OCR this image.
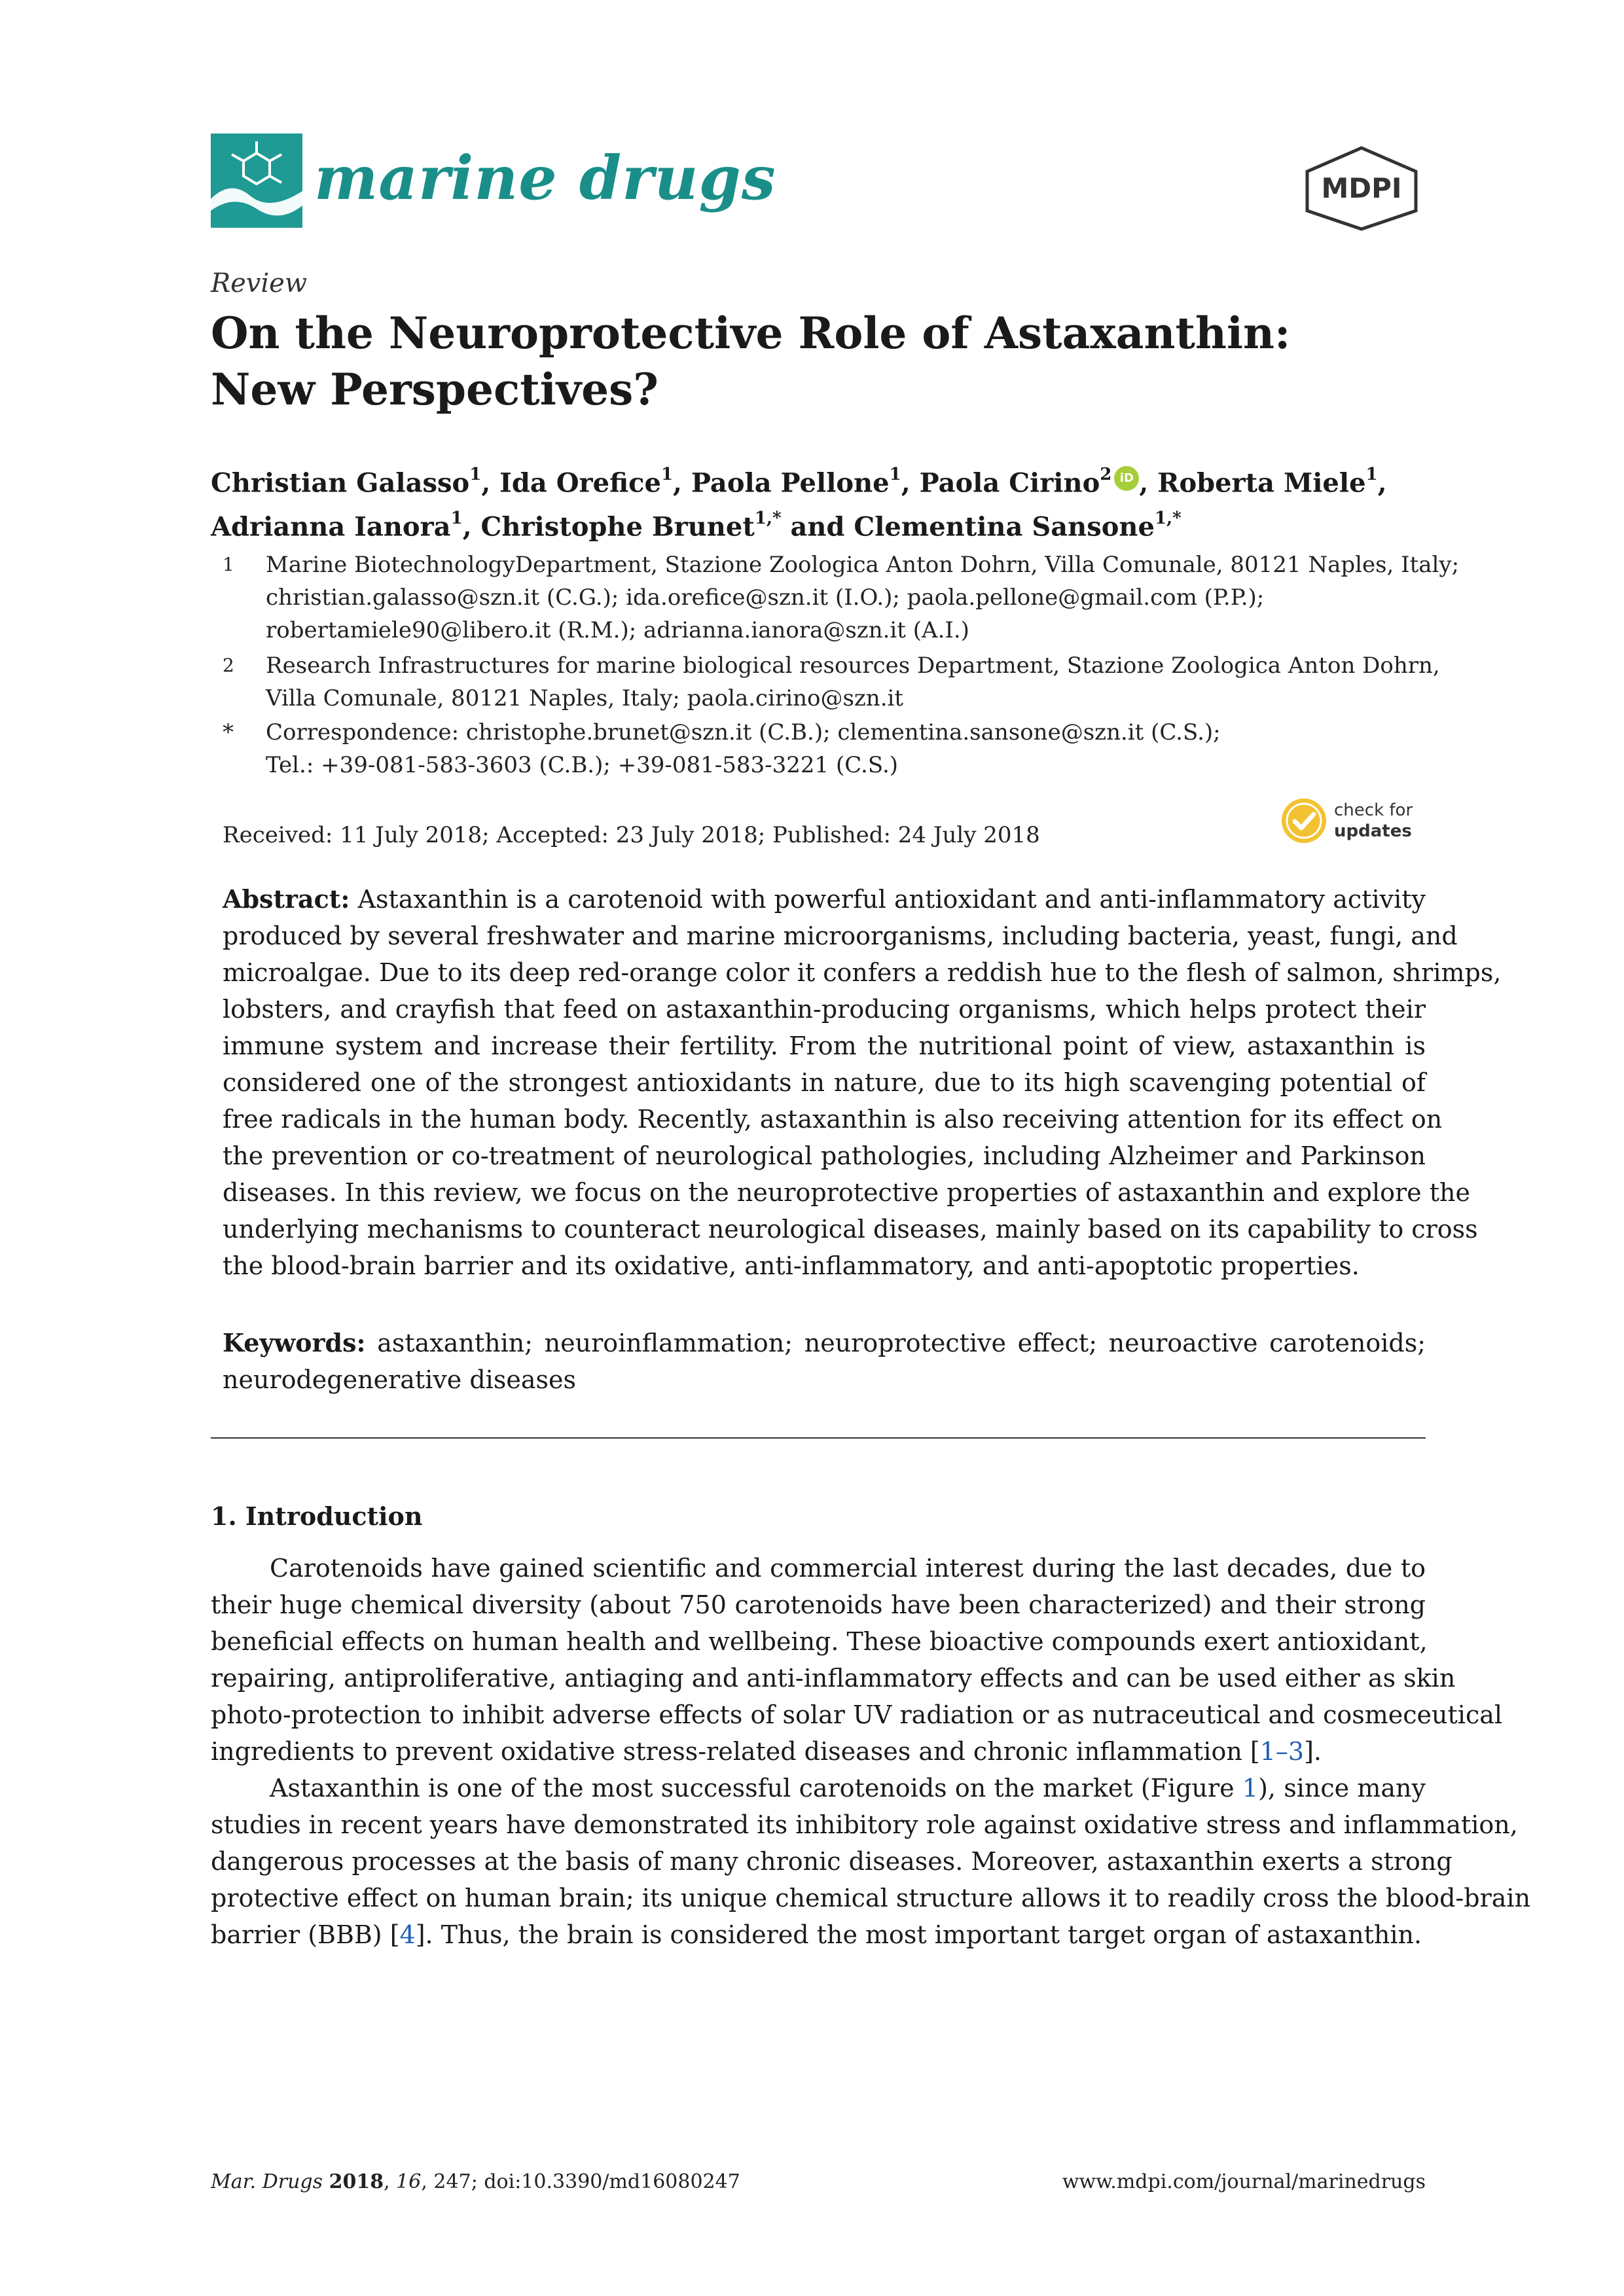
marine drugs	MDPI
Review
On the Neuroprotective Role of Astaxanthin:
New Perspectives?
Christian Galasso$^1$, Ida Orefice$^1$, Paola Pellone$^1$, Paola Cirino$^2$ iD , Roberta Miele$^1$,
Adrianna Ianora$^1$, Christophe Brunet$^{1,*}$ and Clementina Sansone$^{1,*}$
1 Marine BiotechnologyDepartment, Stazione Zoologica Anton Dohrn, Villa Comunale, 80121 Naples, Italy;
christian.galasso@szn.it (C.G.); ida.orefice@szn.it (I.O.); paola.pellone@gmail.com (P.P.);
robertamiele90@libero.it (R.M.); adrianna.ianora@szn.it (A.I.)
2 Research Infrastructures for marine biological resources Department, Stazione Zoologica Anton Dohrn,
Villa Comunale, 80121 Naples, Italy; paola.cirino@szn.it
* Correspondence: christophe.brunet@szn.it (C.B.); clementina.sansone@szn.it (C.S.);
Tel.: +39-081-583-3603 (C.B.); +39-081-583-3221 (C.S.)
Received: 11 July 2018; Accepted: 23 July 2018; Published: 24 July 2018
check for
updates
Abstract: Astaxanthin is a carotenoid with powerful antioxidant and anti-inflammatory activity
produced by several freshwater and marine microorganisms, including bacteria, yeast, fungi, and
microalgae. Due to its deep red-orange color it confers a reddish hue to the flesh of salmon, shrimps,
lobsters, and crayfish that feed on astaxanthin-producing organisms, which helps protect their
immune system and increase their fertility. From the nutritional point of view, astaxanthin is
considered one of the strongest antioxidants in nature, due to its high scavenging potential of
free radicals in the human body. Recently, astaxanthin is also receiving attention for its effect on
the prevention or co-treatment of neurological pathologies, including Alzheimer and Parkinson
diseases. In this review, we focus on the neuroprotective properties of astaxanthin and explore the
underlying mechanisms to counteract neurological diseases, mainly based on its capability to cross
the blood-brain barrier and its oxidative, anti-inflammatory, and anti-apoptotic properties.
Keywords: astaxanthin; neuroinflammation; neuroprotective effect; neuroactive carotenoids;
neurodegenerative diseases
1. Introduction
Carotenoids have gained scientific and commercial interest during the last decades, due to
their huge chemical diversity (about 750 carotenoids have been characterized) and their strong
beneficial effects on human health and wellbeing. These bioactive compounds exert antioxidant,
repairing, antiproliferative, antiaging and anti-inflammatory effects and can be used either as skin
photo-protection to inhibit adverse effects of solar UV radiation or as nutraceutical and cosmeceutical
ingredients to prevent oxidative stress-related diseases and chronic inflammation [1–3].
Astaxanthin is one of the most successful carotenoids on the market (Figure 1), since many
studies in recent years have demonstrated its inhibitory role against oxidative stress and inflammation,
dangerous processes at the basis of many chronic diseases. Moreover, astaxanthin exerts a strong
protective effect on human brain; its unique chemical structure allows it to readily cross the blood-brain
barrier (BBB) [4]. Thus, the brain is considered the most important target organ of astaxanthin.
Mar. Drugs 2018, 16, 247; doi:10.3390/md16080247	www.mdpi.com/journal/marinedrugs
